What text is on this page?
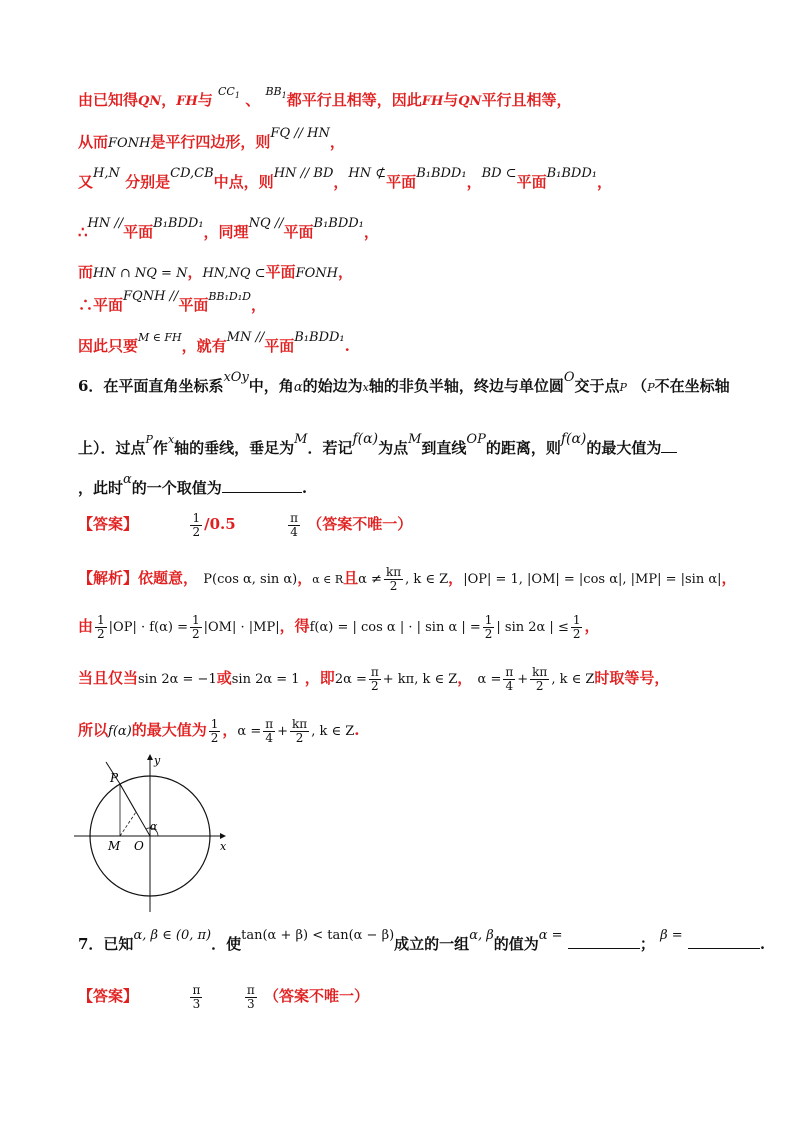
由已知得QN，FH与 $^{CC_1}$ 、 $^{BB_1}$都平行且相等，因此FH与QN平行且相等，
从而FONH是平行四边形，则FQ // HN，
又H,N 分别是CD,CB中点，则HN // BD，HN ⊄平面B₁BDD₁，BD ⊂平面B₁BDD₁，
∴HN //平面B₁BDD₁，同理NQ //平面B₁BDD₁，
而HN ∩ NQ = N，HN,NQ ⊂平面FONH，
∴平面FQNH //平面$^{BB_1D_1D}$，
因此只要$^{M \in FH}$，就有MN //平面B₁BDD₁.
6．在平面直角坐标系xOy中，角α的始边为x轴的非负半轴，终边与单位圆O交于点P （P不在坐标轴
上）．过点$^P$作$^x$轴的垂线，垂足为M．若记f(α)为点M到直线OP的距离，则f(α)的最大值为
，此时α的一个取值为	.
【答案】	$\frac{1}{2} /0.5$	$\frac{\pi}{4}$ （答案不唯一）
【解析】依题意， P(cos α, sin α)，α ∈ R且$\alpha \ne \frac{k\pi}{2}$ , k ∈ Z，|OP| = 1, |OM| = |cos α|, |MP| = |sin α|，
由 $\frac{1}{2} |OP| \cdot f(\alpha) = \frac{1}{2} |OM| \cdot |MP|$，得f(α) = | cos α | · | sin α | = $\frac{1}{2}$ | sin 2α | ≤ $\frac{1}{2}$ ，
当且仅当sin 2α = −1或sin 2α = 1 ，即$2\alpha = \frac{\pi}{2} + k\pi$, k ∈ Z， $\alpha = \frac{\pi}{4} + \frac{k\pi}{2}$ , k ∈ Z时取等号，
所以f(α)的最大值为 $\frac{1}{2}$ ，$\alpha = \frac{\pi}{4} + \frac{k\pi}{2}$ , k ∈ Z.
y
x
P
M O
α
7．已知α, β ∈ (0, π)．使tan(α + β) < tan(α − β)成立的一组α, β的值为α =	； β =	.
【答案】	$\frac{\pi}{3}$
	$\frac{\pi}{3}$ （答案不唯一）
